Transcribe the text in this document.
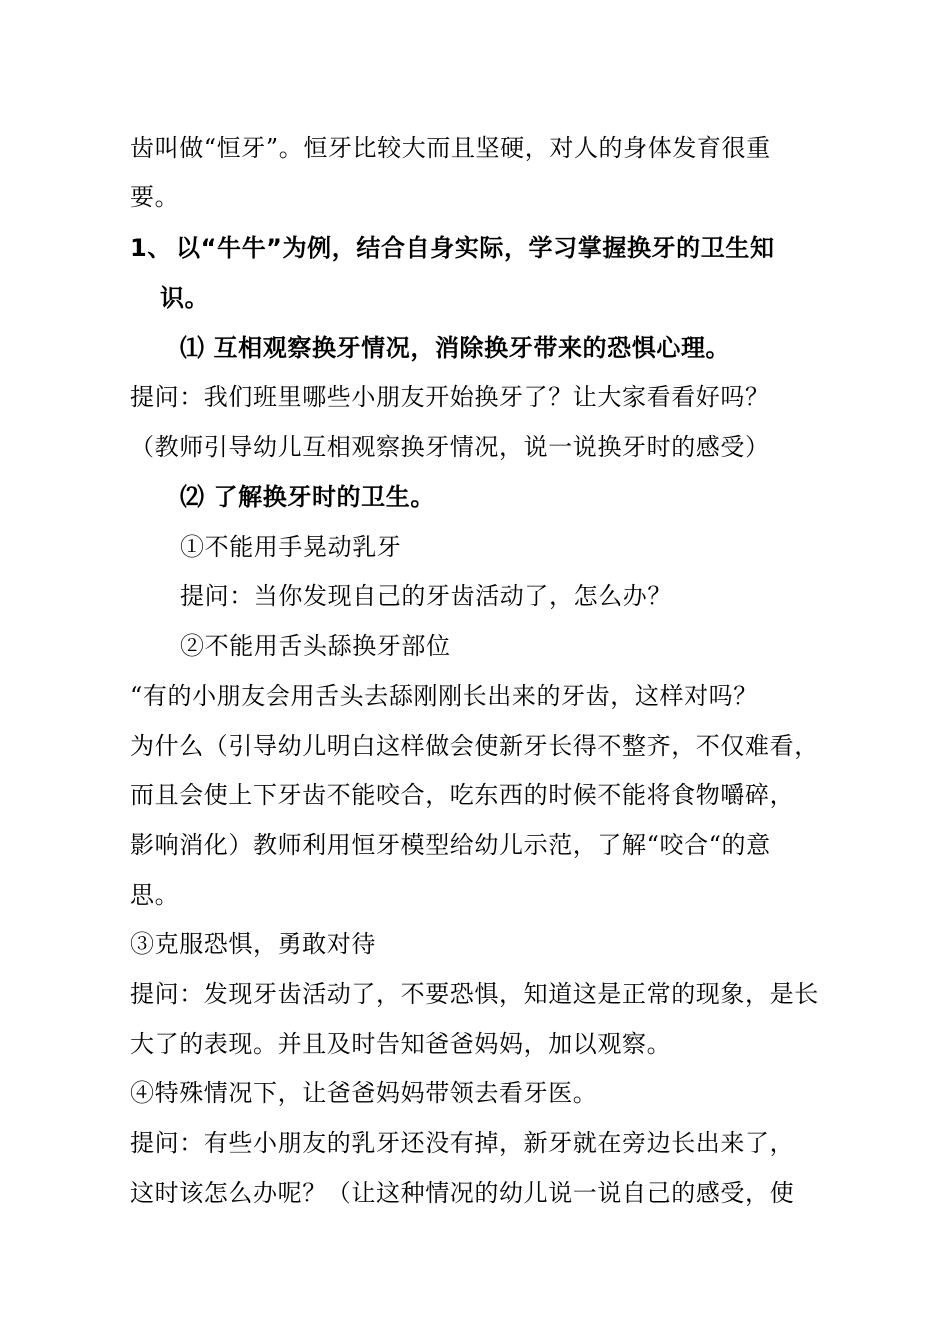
齿叫做“恒牙”。恒牙比较大而且坚硬，对人的身体发育很重
要。
1、 以“牛牛”为例，结合自身实际，学习掌握换牙的卫生知
识。
⑴ 互相观察换牙情况，消除换牙带来的恐惧心理。
提问：我们班里哪些小朋友开始换牙了？让大家看看好吗？
（教师引导幼儿互相观察换牙情况，说一说换牙时的感受）
⑵ 了解换牙时的卫生。
①不能用手晃动乳牙
提问：当你发现自己的牙齿活动了，怎么办？
②不能用舌头舔换牙部位
“有的小朋友会用舌头去舔刚刚长出来的牙齿，这样对吗？
为什么（引导幼儿明白这样做会使新牙长得不整齐，不仅难看，
而且会使上下牙齿不能咬合，吃东西的时候不能将食物嚼碎，
影响消化）教师利用恒牙模型给幼儿示范，了解“咬合“的意
思。
③克服恐惧，勇敢对待
提问：发现牙齿活动了，不要恐惧，知道这是正常的现象，是长
大了的表现。并且及时告知爸爸妈妈，加以观察。
④特殊情况下，让爸爸妈妈带领去看牙医。
提问：有些小朋友的乳牙还没有掉，新牙就在旁边长出来了，
这时该怎么办呢？（让这种情况的幼儿说一说自己的感受，使
